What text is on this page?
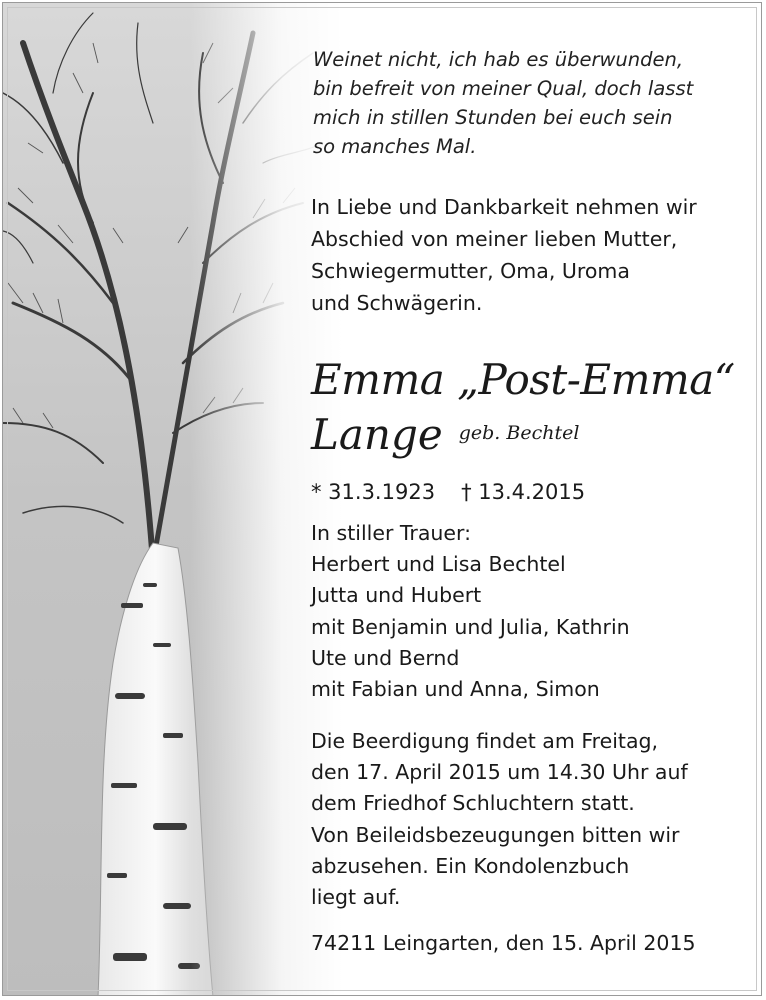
Weinet nicht, ich hab es überwunden,
bin befreit von meiner Qual, doch lasst
mich in stillen Stunden bei euch sein
so manches Mal.
In Liebe und Dankbarkeit nehmen wir
Abschied von meiner lieben Mutter,
Schwiegermutter, Oma, Uroma
und Schwägerin.
Emma „Post-Emma“
Lange $^{geb. Bechtel}$
* 31.3.1923 † 13.4.2015
In stiller Trauer:
Herbert und Lisa Bechtel
Jutta und Hubert
mit Benjamin und Julia, Kathrin
Ute und Bernd
mit Fabian und Anna, Simon
Die Beerdigung findet am Freitag,
den 17. April 2015 um 14.30 Uhr auf
dem Friedhof Schluchtern statt.
Von Beileidsbezeugungen bitten wir
abzusehen. Ein Kondolenzbuch
liegt auf.
74211 Leingarten, den 15. April 2015
